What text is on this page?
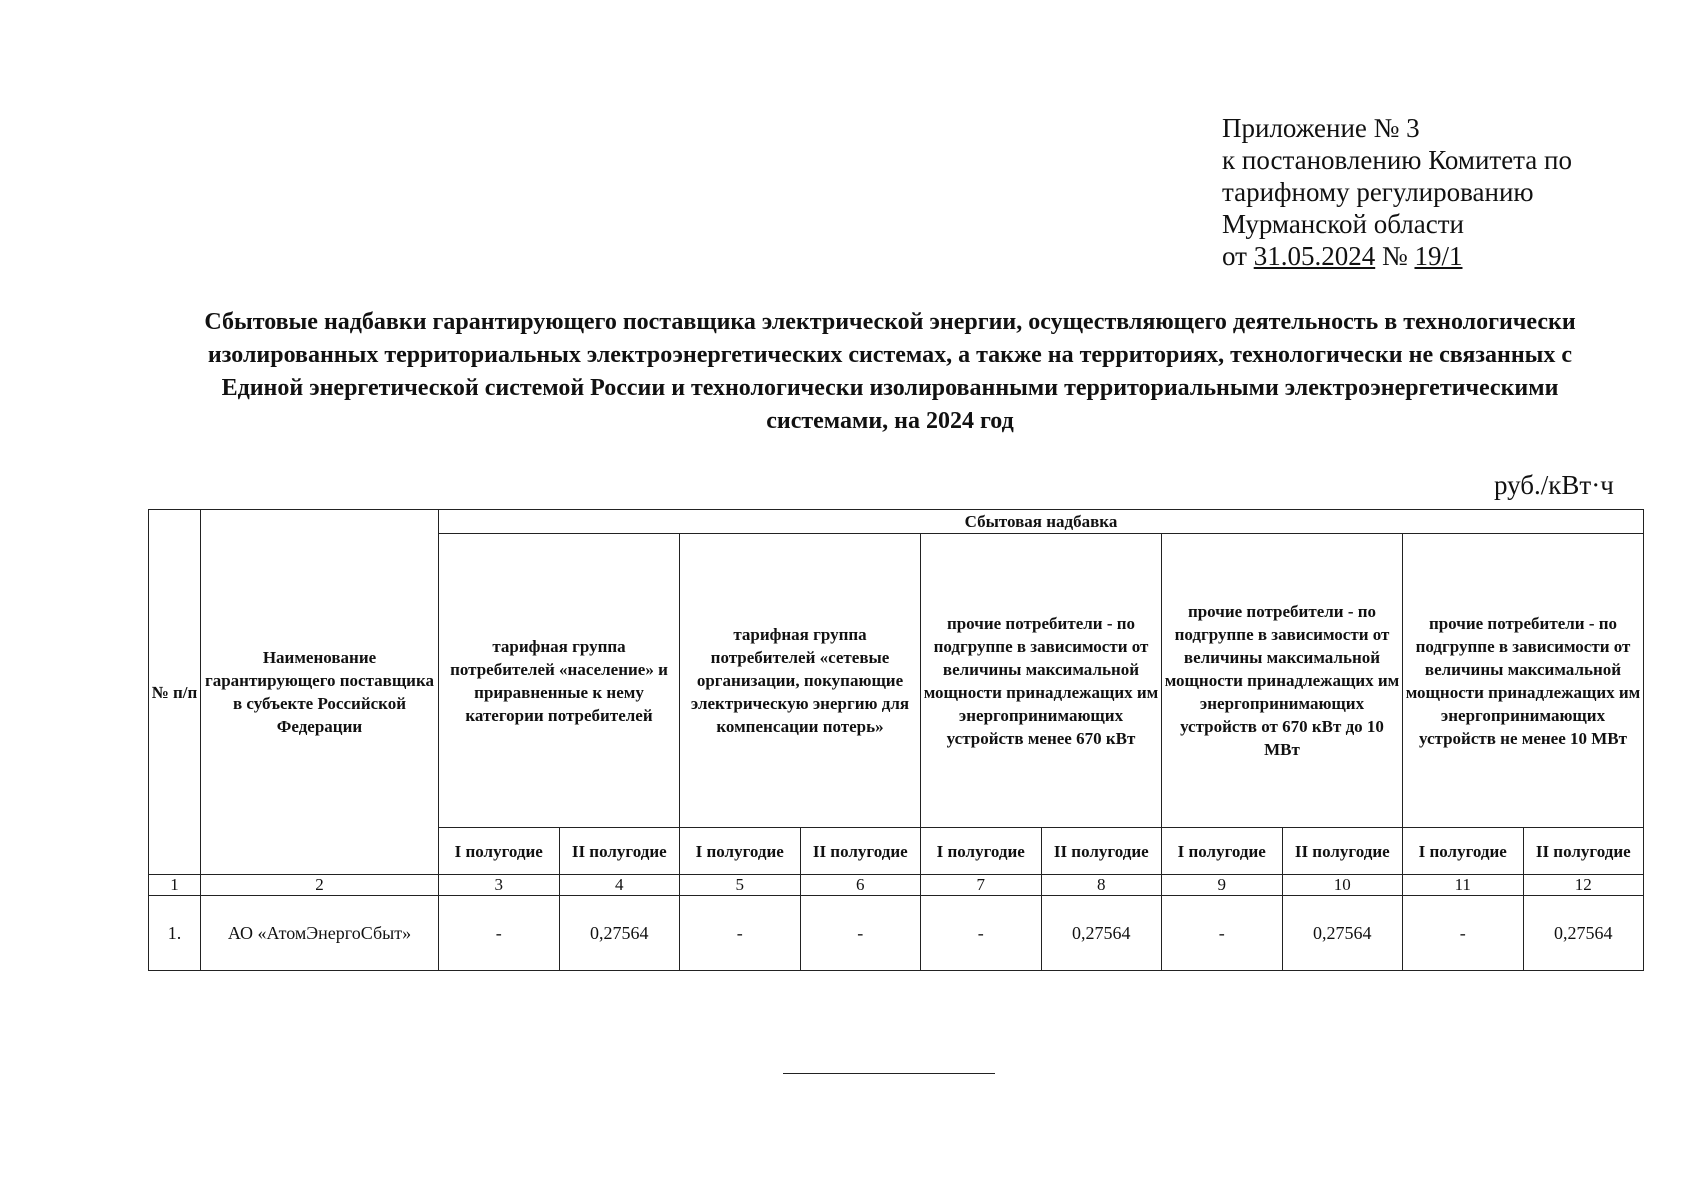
Приложение № 3
к постановлению Комитета по
тарифному регулированию
Мурманской области
от 31.05.2024 № 19/1
Сбытовые надбавки гарантирующего поставщика электрической энергии, осуществляющего деятельность в технологически изолированных территориальных электроэнергетических системах, а также на территориях, технологически не связанных с Единой энергетической системой России и технологически изолированными территориальными электроэнергетическими системами, на 2024 год
руб./кВт·ч
№ п/п	Наименование гарантирующего поставщика в субъекте Российской Федерации	Сбытовая надбавка									
		тарифная группа потребителей «население» и приравненные к нему категории потребителей		тарифная группа потребителей «сетевые организации, покупающие электрическую энергию для компенсации потерь»		прочие потребители - по подгруппе в зависимости от величины максимальной мощности принадлежащих им энергопринимающих устройств менее 670 кВт		прочие потребители - по подгруппе в зависимости от величины максимальной мощности принадлежащих им энергопринимающих устройств от 670 кВт до 10 МВт		прочие потребители - по подгруппе в зависимости от величины максимальной мощности принадлежащих им энергопринимающих устройств не менее 10 МВт	
		I полугодие	II полугодие	I полугодие	II полугодие	I полугодие	II полугодие	I полугодие	II полугодие	I полугодие	II полугодие
1	2	3	4	5	6	7	8	9	10	11	12
1.	АО «АтомЭнергоСбыт»	-	0,27564	-	-	-	0,27564	-	0,27564	-	0,27564
